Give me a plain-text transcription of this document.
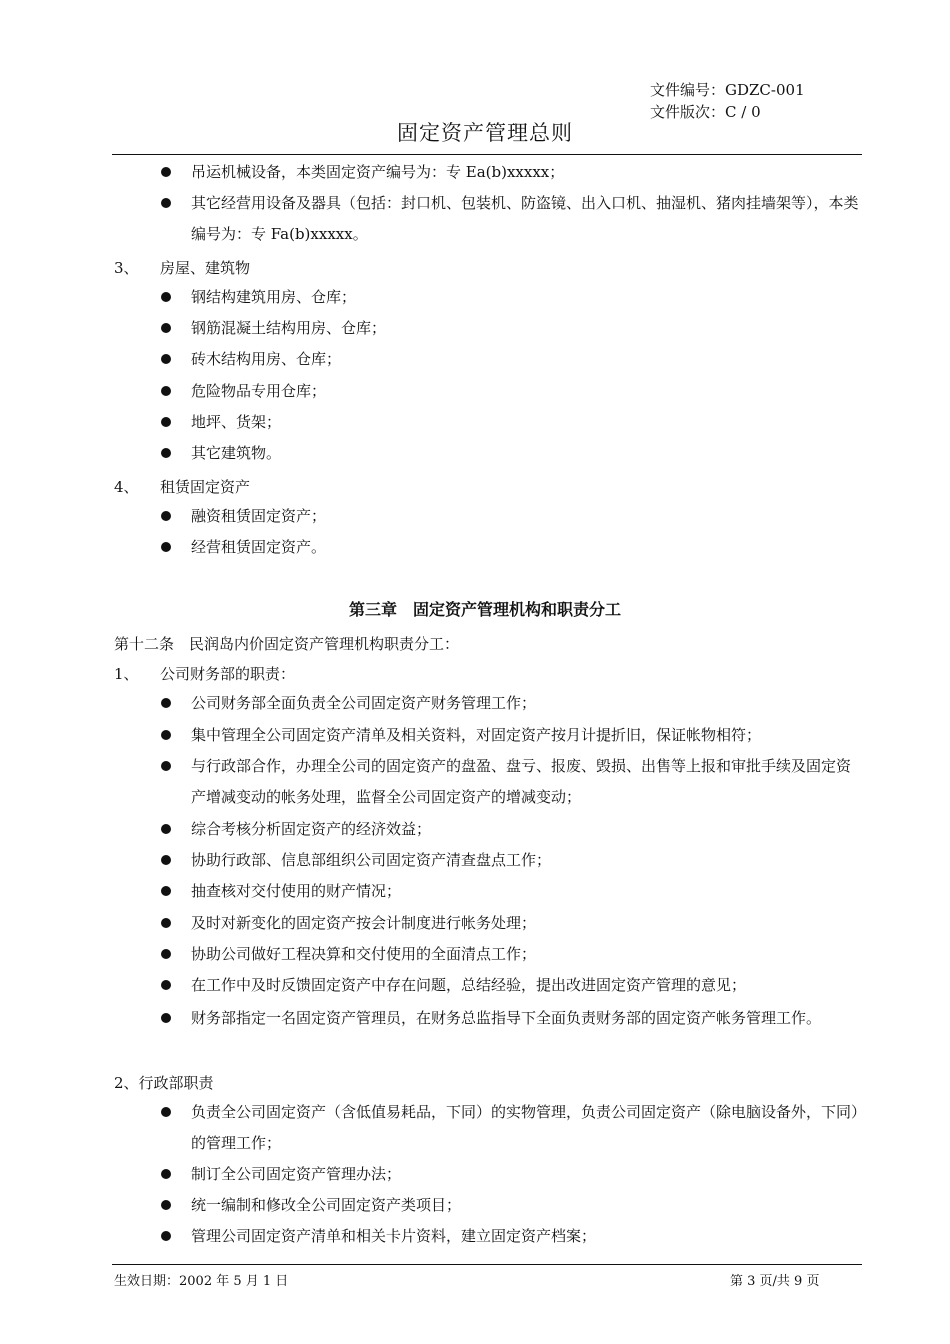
文件编号：GDZC-001
文件版次：C / 0
固定资产管理总则
吊运机械设备，本类固定资产编号为：专 Ea(b)xxxxx；
其它经营用设备及器具（包括：封口机、包装机、防盗镜、出入口机、抽湿机、猪肉挂墙架等），本类编号为：专 Fa(b)xxxxx。
3、 房屋、建筑物
钢结构建筑用房、仓库；
钢筋混凝土结构用房、仓库；
砖木结构用房、仓库；
危险物品专用仓库；
地坪、货架；
其它建筑物。
4、 租赁固定资产
融资租赁固定资产；
经营租赁固定资产。
第三章　固定资产管理机构和职责分工
第十二条　民润岛内价固定资产管理机构职责分工：
1、 公司财务部的职责：
公司财务部全面负责全公司固定资产财务管理工作；
集中管理全公司固定资产清单及相关资料，对固定资产按月计提折旧，保证帐物相符；
与行政部合作，办理全公司的固定资产的盘盈、盘亏、报废、毁损、出售等上报和审批手续及固定资产增减变动的帐务处理，监督全公司固定资产的增减变动；
综合考核分析固定资产的经济效益；
协助行政部、信息部组织公司固定资产清查盘点工作；
抽查核对交付使用的财产情况；
及时对新变化的固定资产按会计制度进行帐务处理；
协助公司做好工程决算和交付使用的全面清点工作；
在工作中及时反馈固定资产中存在问题，总结经验，提出改进固定资产管理的意见；
财务部指定一名固定资产管理员，在财务总监指导下全面负责财务部的固定资产帐务管理工作。
2、行政部职责
负责全公司固定资产（含低值易耗品，下同）的实物管理，负责公司固定资产（除电脑设备外，下同）的管理工作；
制订全公司固定资产管理办法；
统一编制和修改全公司固定资产类项目；
管理公司固定资产清单和相关卡片资料，建立固定资产档案；
生效日期：2002 年 5 月 1 日	第 3 页/共 9 页
